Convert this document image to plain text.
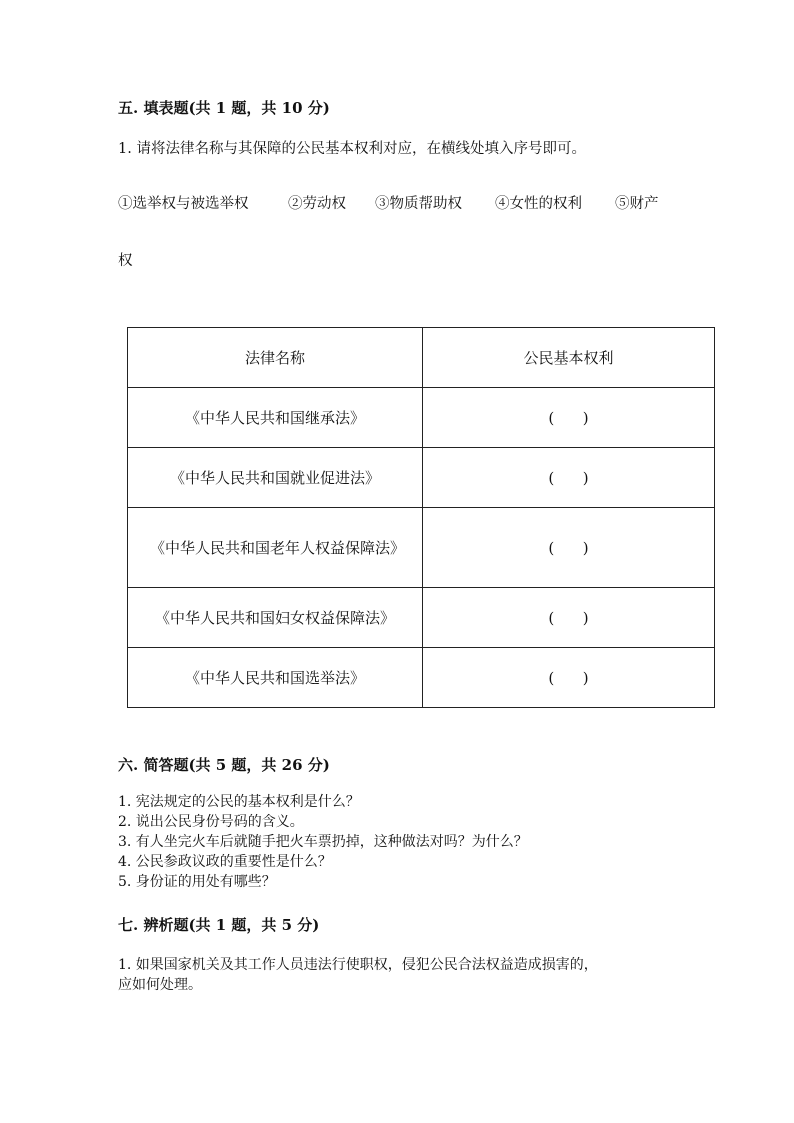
五. 填表题(共 1 题，共 10 分)
1. 请将法律名称与其保障的公民基本权利对应，在横线处填入序号即可。
①选举权与被选举权	②劳动权 ③物质帮助权 ④女性的权利 ⑤财产
权
法律名称	公民基本权利
《中华人民共和国继承法》	(      )
《中华人民共和国就业促进法》	(      )
《中华人民共和国老年人权益保障法》	(      )
《中华人民共和国妇女权益保障法》	(      )
《中华人民共和国选举法》	(      )
六. 简答题(共 5 题，共 26 分)
1. 宪法规定的公民的基本权利是什么？
2. 说出公民身份号码的含义。
3. 有人坐完火车后就随手把火车票扔掉，这种做法对吗？为什么？
4. 公民参政议政的重要性是什么？
5. 身份证的用处有哪些？
七. 辨析题(共 1 题，共 5 分)
1. 如果国家机关及其工作人员违法行使职权，侵犯公民合法权益造成损害的，
应如何处理。
